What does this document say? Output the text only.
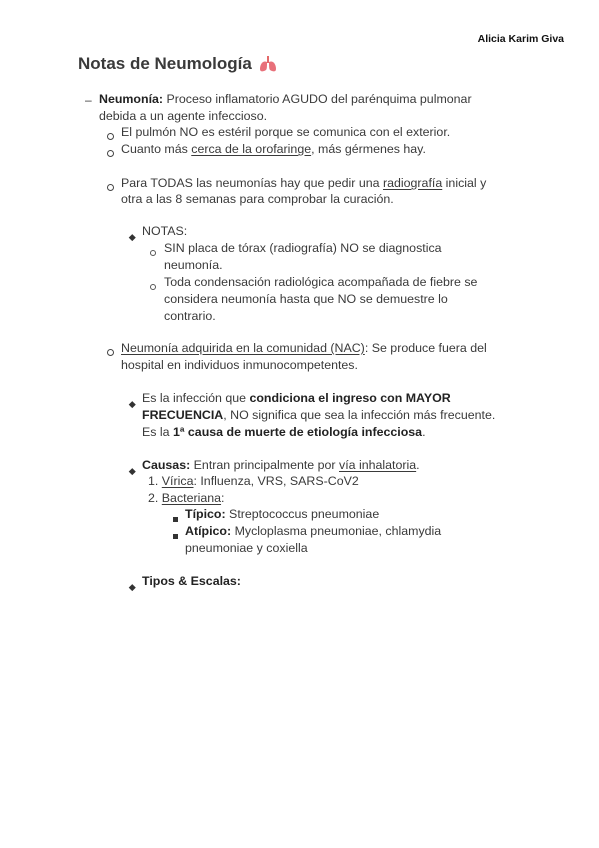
Alicia Karim Giva
Notas de Neumología
– Neumonía: Proceso inflamatorio AGUDO del parénquima pulmonar
debida a un agente infeccioso.
El pulmón NO es estéril porque se comunica con el exterior.
Cuanto más cerca de la orofaringe, más gérmenes hay.
Para TODAS las neumonías hay que pedir una radiografía inicial y
otra a las 8 semanas para comprobar la curación.
NOTAS:
SIN placa de tórax (radiografía) NO se diagnostica
neumonía.
Toda condensación radiológica acompañada de fiebre se
considera neumonía hasta que NO se demuestre lo
contrario.
Neumonía adquirida en la comunidad (NAC): Se produce fuera del
hospital en individuos inmunocompetentes.
Es la infección que condiciona el ingreso con MAYOR
FRECUENCIA, NO significa que sea la infección más frecuente.
Es la 1ª causa de muerte de etiología infecciosa.
Causas: Entran principalmente por vía inhalatoria.
1. Vírica: Influenza, VRS, SARS-CoV2
2. Bacteriana:
Típico: Streptococcus pneumoniae
Atípico: Mycloplasma pneumoniae, chlamydia
pneumoniae y coxiella
Tipos & Escalas:
